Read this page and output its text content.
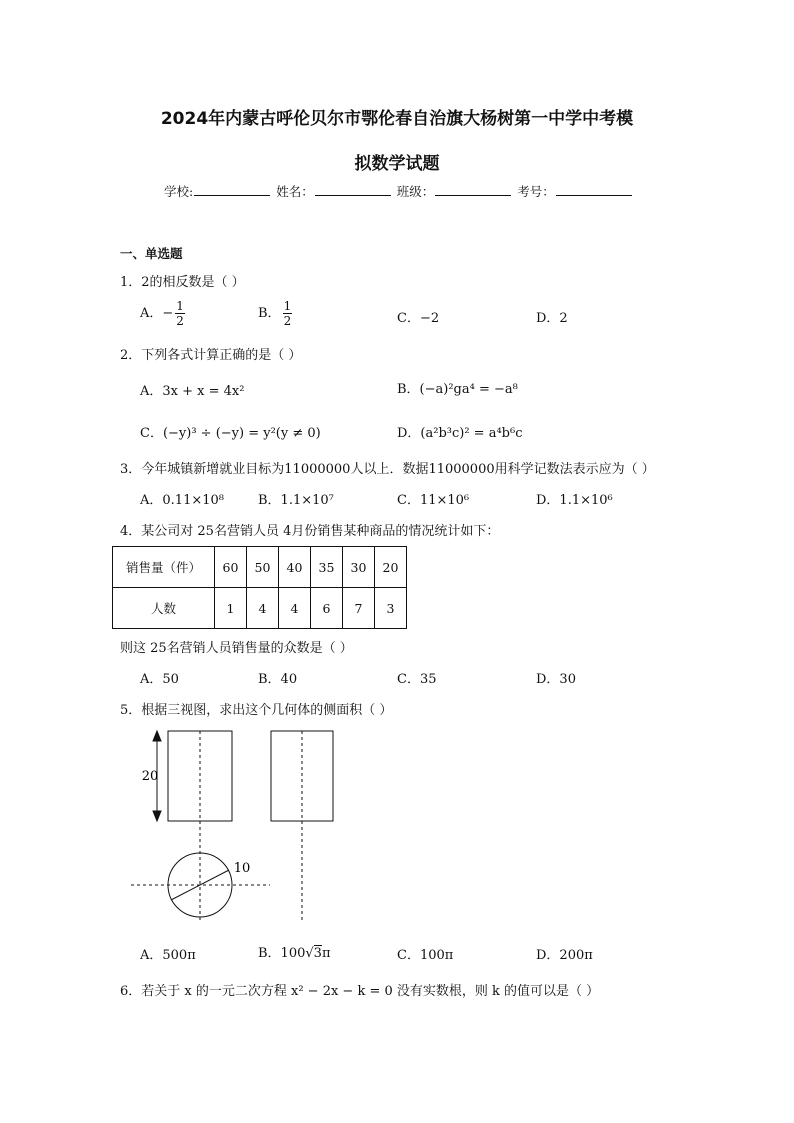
2024年内蒙古呼伦贝尔市鄂伦春自治旗大杨树第一中学中考模
拟数学试题
学校:	姓名：	班级：	考号：
一、单选题
1．2的相反数是（ ）
A．− $\frac{1}{2}$	B． $\frac{1}{2}$	C．−2	D．2
2．下列各式计算正确的是（ ）
A．3x + x = 4x²	B．(−a)²ga⁴ = −a⁸
C．(−y)³ ÷ (−y) = y²(y ≠ 0)	D．(a²b³c)² = a⁴b⁶c
3．今年城镇新增就业目标为11000000人以上．数据11000000用科学记数法表示应为（ ）
A．0.11×10⁸	B．1.1×10⁷	C．11×10⁶	D．1.1×10⁶
4．某公司对 25名营销人员 4月份销售某种商品的情况统计如下：
销售量（件）	60	50	40	35	30	20
人数	1	4	4	6	7	3
则这 25名营销人员销售量的众数是（ ）
A．50	B．40	C．35	D．30
5．根据三视图，求出这个几何体的侧面积（ ）
20
10
A．500π	B．100√3π	C．100π	D．200π
6．若关于 x 的一元二次方程 x² − 2x − k = 0 没有实数根，则 k 的值可以是（ ）
